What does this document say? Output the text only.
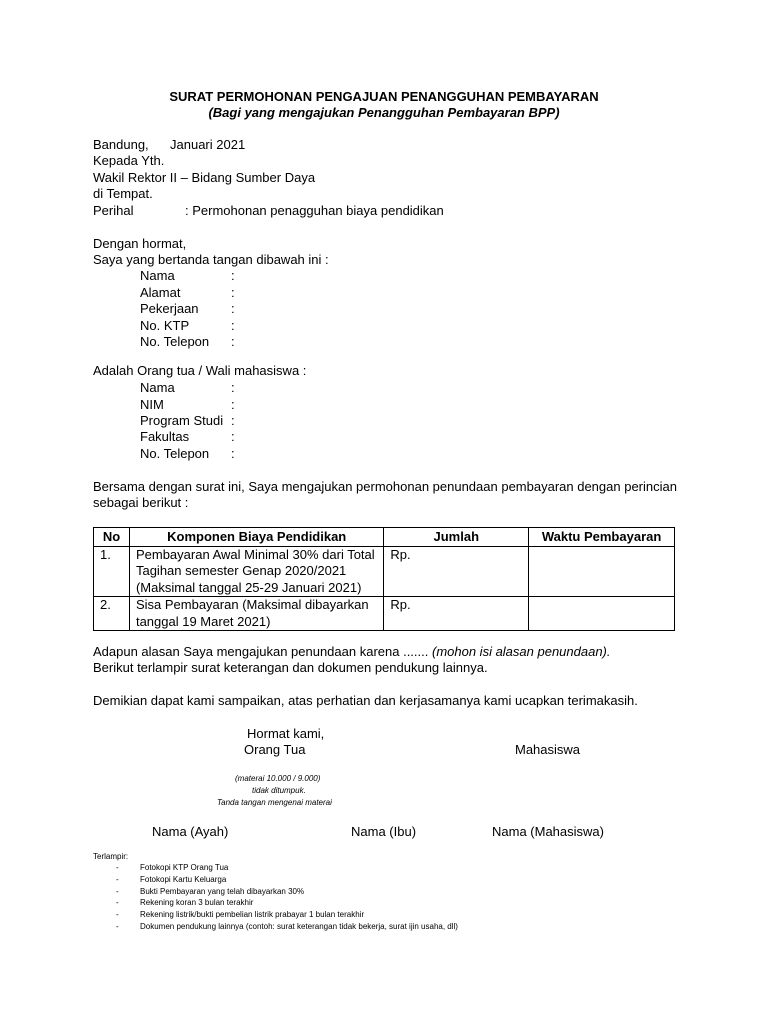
SURAT PERMOHONAN PENGAJUAN PENANGGUHAN PEMBAYARAN
(Bagi yang mengajukan Penangguhan Pembayaran BPP)
Bandung, Januari 2021
Kepada Yth.
Wakil Rektor II – Bidang Sumber Daya
di Tempat.
Perihal	: Permohonan penagguhan biaya pendidikan
Dengan hormat,
Saya yang bertanda tangan dibawah ini :
Nama	:
Alamat	:
Pekerjaan :
No. KTP	:
No. Telepon :
Adalah Orang tua / Wali mahasiswa :
Nama	:
NIM	:
Program Studi :
Fakultas	:
No. Telepon :
Bersama dengan surat ini, Saya mengajukan permohonan penundaan pembayaran dengan perincian
sebagai berikut :
No	Komponen Biaya Pendidikan	Jumlah	Waktu Pembayaran
1.	Pembayaran Awal Minimal 30% dari Total
Tagihan semester Genap 2020/2021
(Maksimal tanggal 25-29 Januari 2021)	Rp.	
2.	Sisa Pembayaran (Maksimal dibayarkan
tanggal 19 Maret 2021)	Rp.	
Adapun alasan Saya mengajukan penundaan karena ....... (mohon isi alasan penundaan).
Berikut terlampir surat keterangan dan dokumen pendukung lainnya.
Demikian dapat kami sampaikan, atas perhatian dan kerjasamanya kami ucapkan terimakasih.
Hormat kami,
Orang Tua	Mahasiswa
(materai 10.000 / 9.000)
tidak ditumpuk.
Tanda tangan mengenai materai
Nama (Ayah)	Nama (Ibu)	Nama (Mahasiswa)
Terlampir:
-	Fotokopi KTP Orang Tua
-	Fotokopi Kartu Keluarga
-	Bukti Pembayaran yang telah dibayarkan 30%
-	Rekening koran 3 bulan terakhir
-	Rekening listrik/bukti pembelian listrik prabayar 1 bulan terakhir
-	Dokumen pendukung lainnya (contoh: surat keterangan tidak bekerja, surat ijin usaha, dll)
